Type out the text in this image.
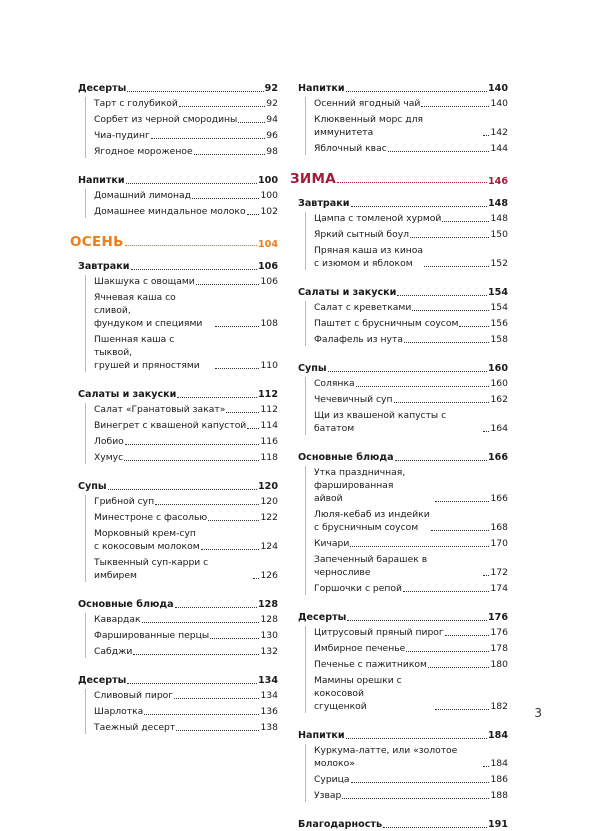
Десерты	92
Тарт с голубикой	92
Сорбет из черной смородины	94
Чиа-пудинг	96
Ягодное мороженое	98
Напитки	100
Домашний лимонад	100
Домашнее миндальное молоко 102
ОСЕНЬ	104
Завтраки	106
Шакшука с овощами	106
Ячневая каша со сливой,
фундуком и специями	108
Пшенная каша с тыквой,
грушей и пряностями	110
Салаты и закуски	112
Салат «Гранатовый закат»	112
Винегрет с квашеной капустой 114
Лобио	116
Хумус	118
Супы	120
Грибной суп	120
Минестроне с фасолью	122
Морковный крем-суп
с кокосовым молоком	124
Тыквенный суп-карри с имбирем	126
Основные блюда	128
Кавардак	128
Фаршированные перцы	130
Сабджи	132
Десерты	134
Сливовый пирог	134
Шарлотка	136
Таежный десерт	138
Напитки	140
Осенний ягодный чай	140
Клюквенный морс для иммунитета	142
Яблочный квас	144
ЗИМА	146
Завтраки	148
Цампа с томленой хурмой	148
Яркий сытный боул	150
Пряная каша из киноа
с изюмом и яблоком	152
Салаты и закуски	154
Салат с креветками	154
Паштет с брусничным соусом	156
Фалафель из нута	158
Супы	160
Солянка	160
Чечевичный суп	162
Щи из квашеной капусты с бататом	164
Основные блюда	166
Утка праздничная, фаршированная
айвой	166
Люля-кебаб из индейки
с брусничным соусом	168
Кичари	170
Запеченный барашек в черносливе	172
Горшочки с репой	174
Десерты	176
Цитрусовый пряный пирог	176
Имбирное печенье	178
Печенье с пажитником	180
Мамины орешки с кокосовой
сгущенкой	182
Напитки	184
Куркума-латте, или «золотое молоко»	184
Сурица	186
Узвар	188
Благодарность	191
3
